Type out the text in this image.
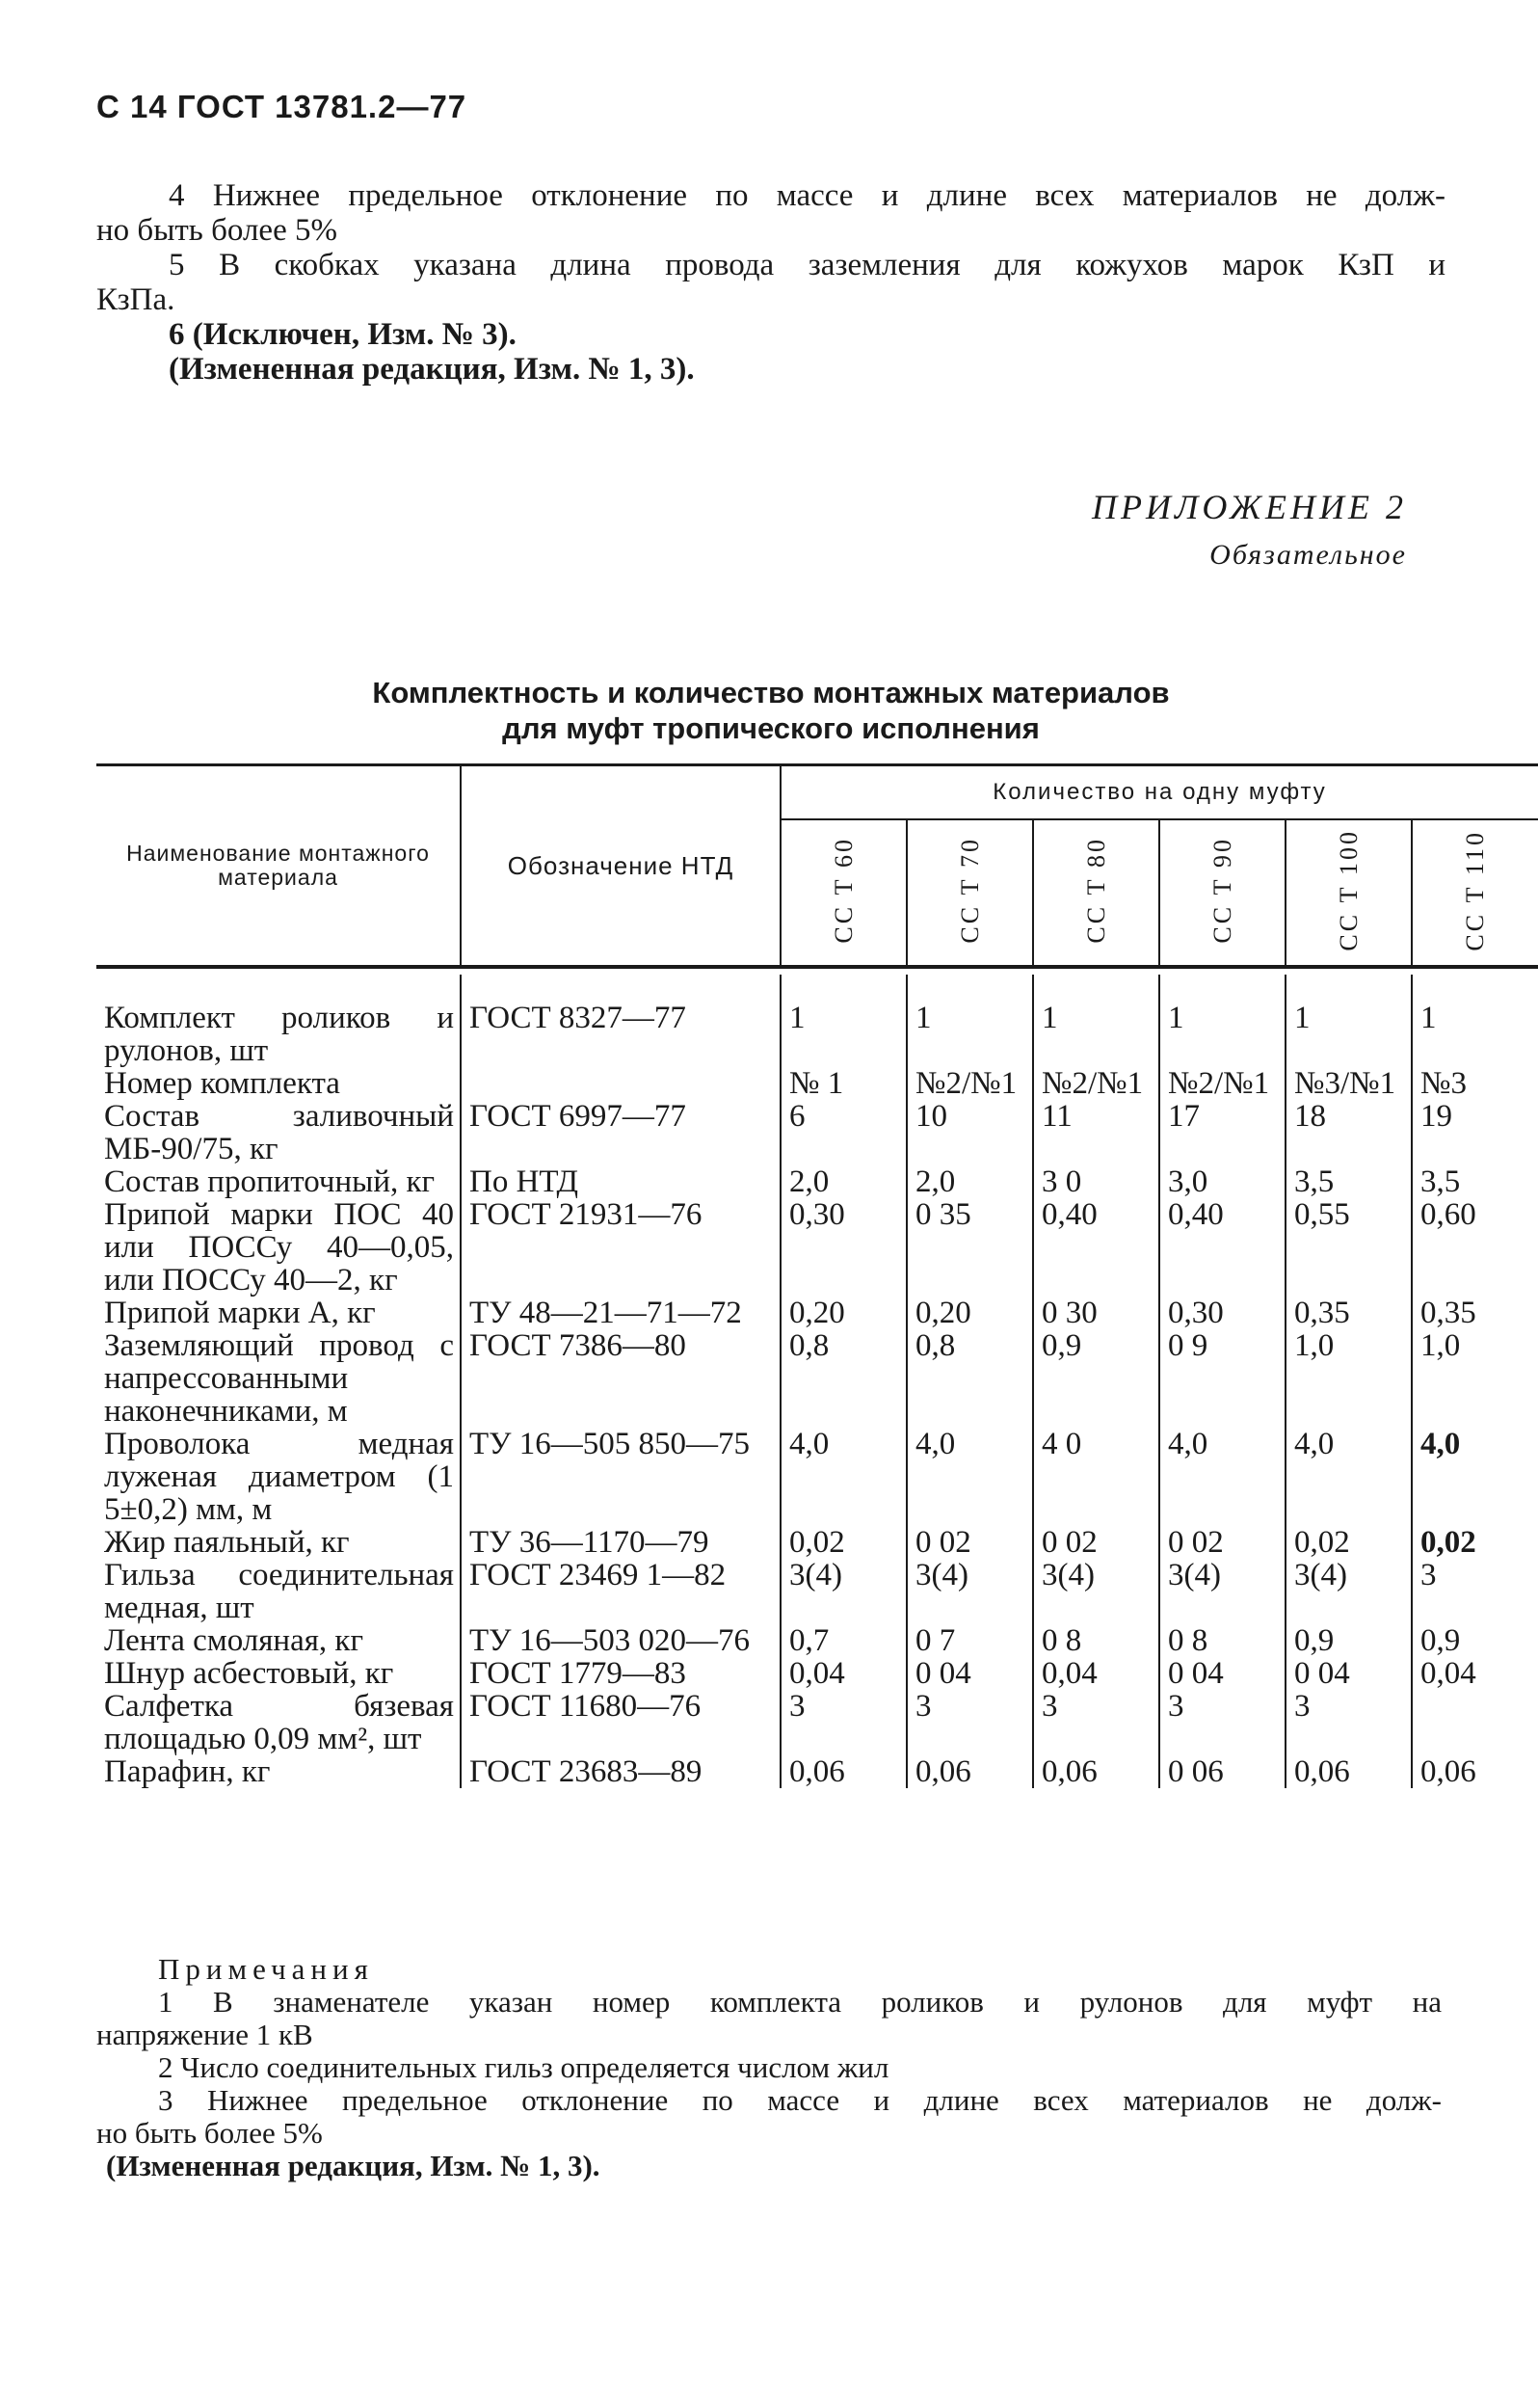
С 14 ГОСТ 13781.2—77
4 Нижнее предельное отклонение по массе и длине всех материалов не долж-
но быть более 5%
5 В скобках указана длина провода заземления для кожухов марок КзП и
КзПа.
6 (Исключен, Изм. № 3).
(Измененная редакция, Изм. № 1, 3).
ПРИЛОЖЕНИЕ 2
Обязательное
Комплектность и количество монтажных материалов
для муфт тропического исполнения
Наименование монтажного материала	Обозначение НТД	Количество на одну муфту					
		СС Т 60	СС Т 70	СС Т 80	СС Т 90	СС Т 100	СС Т 110

Комплект роликов и рулонов, шт	ГОСТ 8327—77	1	1	1	1	1	1
Номер комплекта		№ 1	№2/№1	№2/№1	№2/№1	№3/№1	№3
Состав заливочный МБ-90/75, кг	ГОСТ 6997—77	6	10	11	17	18	19
Состав пропиточный, кг	По НТД	2,0	2,0	3 0	3,0	3,5	3,5
Припой марки ПОС 40 или ПОССу 40—0,05, или ПОССу 40—2, кг	ГОСТ 21931—76	0,30	0 35	0,40	0,40	0,55	0,60
Припой марки А, кг	ТУ 48—21—71—72	0,20	0,20	0 30	0,30	0,35	0,35
Заземляющий провод с напрессованными наконечниками, м	ГОСТ 7386—80	0,8	0,8	0,9	0 9	1,0	1,0
Проволока медная луженая диаметром (1 5±0,2) мм, м	ТУ 16—505 850—75	4,0	4,0	4 0	4,0	4,0	4,0
Жир паяльный, кг	ТУ 36—1170—79	0,02	0 02	0 02	0 02	0,02	0,02
Гильза соединительная медная, шт	ГОСТ 23469 1—82	3(4)	3(4)	3(4)	3(4)	3(4)	3
Лента смоляная, кг	ТУ 16—503 020—76	0,7	0 7	0 8	0 8	0,9	0,9
Шнур асбестовый, кг	ГОСТ 1779—83	0,04	0 04	0,04	0 04	0 04	0,04
Салфетка бязевая площадью 0,09 мм², шт	ГОСТ 11680—76	3	3	3	3	3	
Парафин, кг	ГОСТ 23683—89	0,06	0,06	0,06	0 06	0,06	0,06
Примечания
1 В знаменателе указан номер комплекта роликов и рулонов для муфт на
напряжение 1 кВ
2 Число соединительных гильз определяется числом жил
3 Нижнее предельное отклонение по массе и длине всех материалов не долж-
но быть более 5%
(Измененная редакция, Изм. № 1, 3).
